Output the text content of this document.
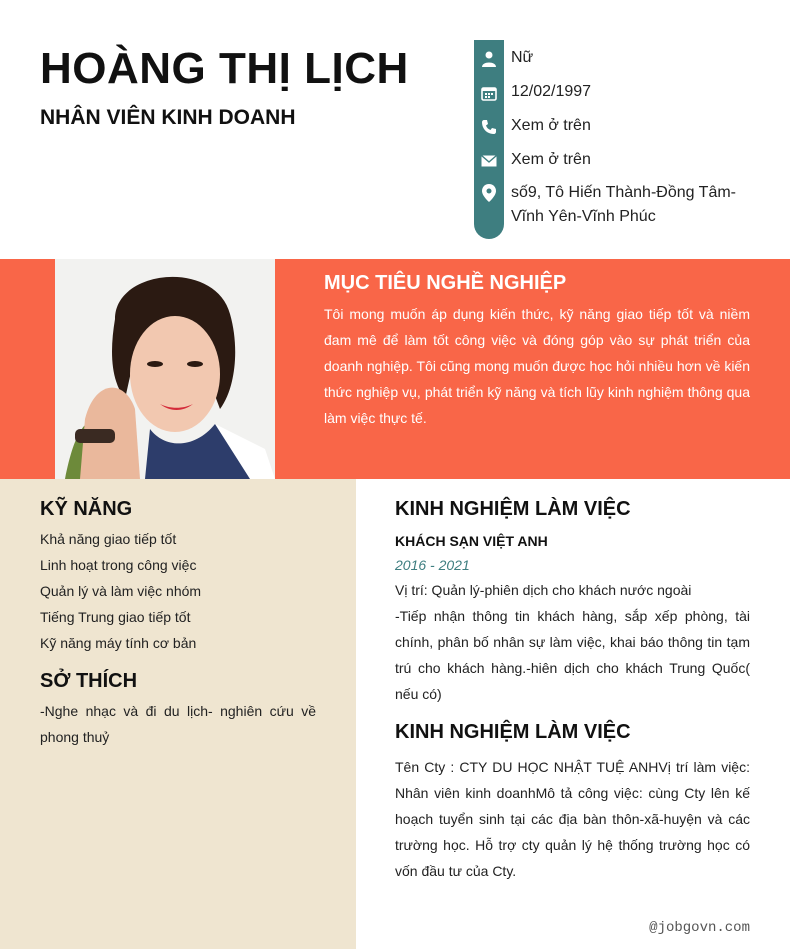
HOÀNG THỊ LỊCH
NHÂN VIÊN KINH DOANH
Nữ
12/02/1997
Xem ở trên
Xem ở trên
số9, Tô Hiến Thành-Đồng Tâm-Vĩnh Yên-Vĩnh Phúc
MỤC TIÊU NGHỀ NGHIỆP
Tôi mong muốn áp dụng kiến thức, kỹ năng giao tiếp tốt và niềm đam mê để làm tốt công việc và đóng góp vào sự phát triển của doanh nghiệp. Tôi cũng mong muốn được học hỏi nhiều hơn về kiến thức nghiệp vụ, phát triển kỹ năng và tích lũy kinh nghiệm thông qua làm việc thực tế.
KỸ NĂNG
Khả năng giao tiếp tốt
Linh hoạt trong công việc
Quản lý và làm việc nhóm
Tiếng Trung giao tiếp tốt
Kỹ năng máy tính cơ bản
SỞ THÍCH
-Nghe nhạc và đi du lịch- nghiên cứu về phong thuỷ
KINH NGHIỆM LÀM VIỆC
KHÁCH SẠN VIỆT ANH
2016 - 2021
Vị trí: Quản lý-phiên dịch cho khách nước ngoài
-Tiếp nhận thông tin khách hàng, sắp xếp phòng, tài chính, phân bố nhân sự làm việc, khai báo thông tin tạm trú cho khách hàng.-hiên dịch cho khách Trung Quốc( nếu có)
KINH NGHIỆM LÀM VIỆC
Tên Cty : CTY DU HỌC NHẬT TUỆ ANHVị trí làm việc: Nhân viên kinh doanhMô tả công việc: cùng Cty lên kế hoạch tuyển sinh tại các địa bàn thôn-xã-huyện và các trường học. Hỗ trợ cty quản lý hệ thống trường học có vốn đầu tư của Cty.
@jobgovn.com
